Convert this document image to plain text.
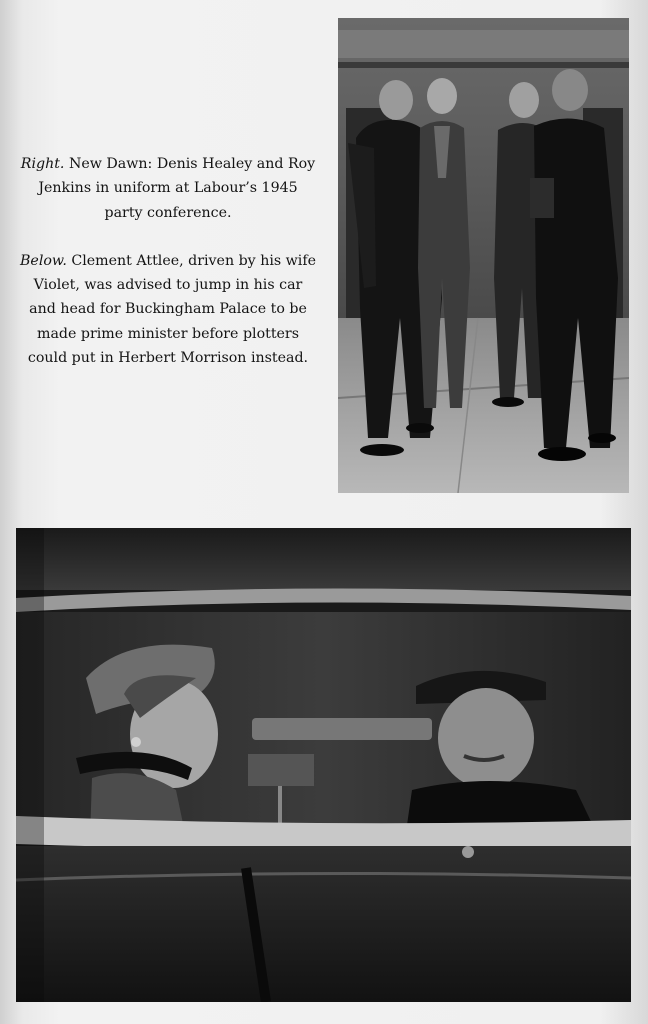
Right. New Dawn: Denis Healey and Roy Jenkins in uniform at Labour’s 1945 party conference.

Below. Clement Attlee, driven by his wife Violet, was advised to jump in his car and head for Buckingham Palace to be made prime minister before plotters could put in Herbert Morrison instead.
